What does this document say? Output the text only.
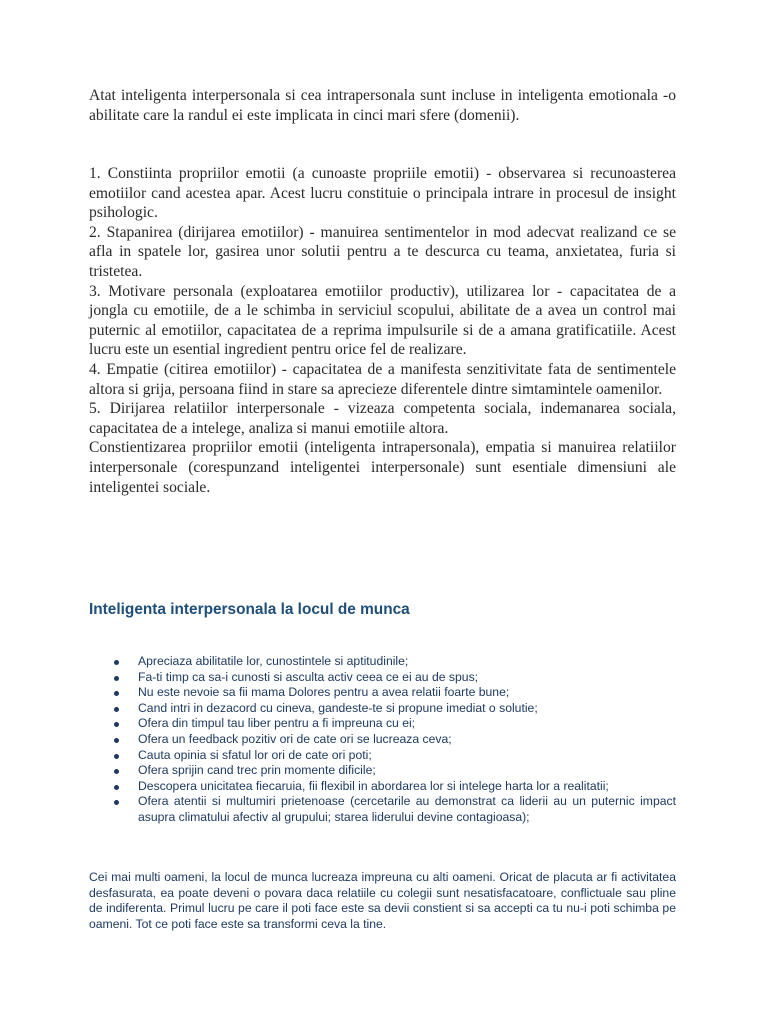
Atat inteligenta interpersonala si cea intrapersonala sunt incluse in inteligenta emotionala -o abilitate care la randul ei este implicata in cinci mari sfere (domenii).

1. Constiinta propriilor emotii (a cunoaste propriile emotii) - observarea si recunoasterea emotiilor cand acestea apar. Acest lucru constituie o principala intrare in procesul de insight psihologic.

2. Stapanirea (dirijarea emotiilor) - manuirea sentimentelor in mod adecvat realizand ce se afla in spatele lor, gasirea unor solutii pentru a te descurca cu teama, anxietatea, furia si tristetea.

3. Motivare personala (exploatarea emotiilor productiv), utilizarea lor - capacitatea de a jongla cu emotiile, de a le schimba in serviciul scopului, abilitate de a avea un control mai puternic al emotiilor, capacitatea de a reprima impulsurile si de a amana gratificatiile. Acest lucru este un esential ingredient pentru orice fel de realizare.

4. Empatie (citirea emotiilor) - capacitatea de a manifesta senzitivitate fata de sentimentele altora si grija, persoana fiind in stare sa aprecieze diferentele dintre simtamintele oamenilor.

5. Dirijarea relatiilor interpersonale - vizeaza competenta sociala, indemanarea sociala, capacitatea de a intelege, analiza si manui emotiile altora.

Constientizarea propriilor emotii (inteligenta intrapersonala), empatia si manuirea relatiilor interpersonale (corespunzand inteligentei interpersonale) sunt esentiale dimensiuni ale inteligentei sociale.

Inteligenta interpersonala la locul de munca
Apreciaza abilitatile lor, cunostintele si aptitudinile;
Fa-ti timp ca sa-i cunosti si asculta activ ceea ce ei au de spus;
Nu este nevoie sa fii mama Dolores pentru a avea relatii foarte bune;
Cand intri in dezacord cu cineva, gandeste-te si propune imediat o solutie;
Ofera din timpul tau liber pentru a fi impreuna cu ei;
Ofera un feedback pozitiv ori de cate ori se lucreaza ceva;
Cauta opinia si sfatul lor ori de cate ori poti;
Ofera sprijin cand trec prin momente dificile;
Descopera unicitatea fiecaruia, fii flexibil in abordarea lor si intelege harta lor a realitatii;
Ofera atentii si multumiri prietenoase (cercetarile au demonstrat ca liderii au un puternic impact asupra climatului afectiv al grupului; starea liderului devine contagioasa);

Cei mai multi oameni, la locul de munca lucreaza impreuna cu alti oameni. Oricat de placuta ar fi activitatea desfasurata, ea poate deveni o povara daca relatiile cu colegii sunt nesatisfacatoare, conflictuale sau pline de indiferenta. Primul lucru pe care il poti face este sa devii constient si sa accepti ca tu nu-i poti schimba pe oameni. Tot ce poti face este sa transformi ceva la tine.
